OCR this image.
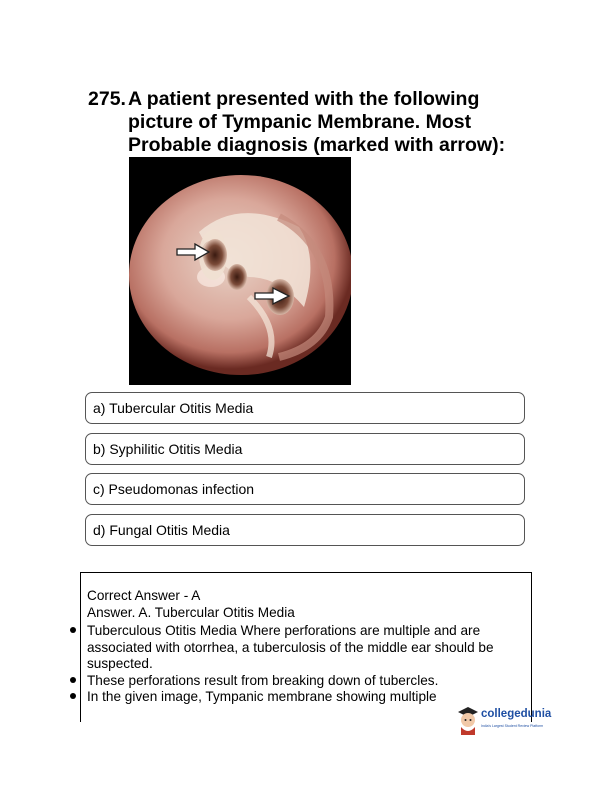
275. A patient presented with the following
picture of Tympanic Membrane. Most
Probable diagnosis (marked with arrow):
a) Tubercular Otitis Media
b) Syphilitic Otitis Media
c) Pseudomonas infection
d) Fungal Otitis Media
Correct Answer - A
Answer. A. Tubercular Otitis Media
Tuberculous Otitis Media Where perforations are multiple and are associated with otorrhea, a tuberculosis of the middle ear should be suspected.
These perforations result from breaking down of tubercles.
In the given image, Tympanic membrane showing multiple
collegedunia
India's Largest Student Review Platform
